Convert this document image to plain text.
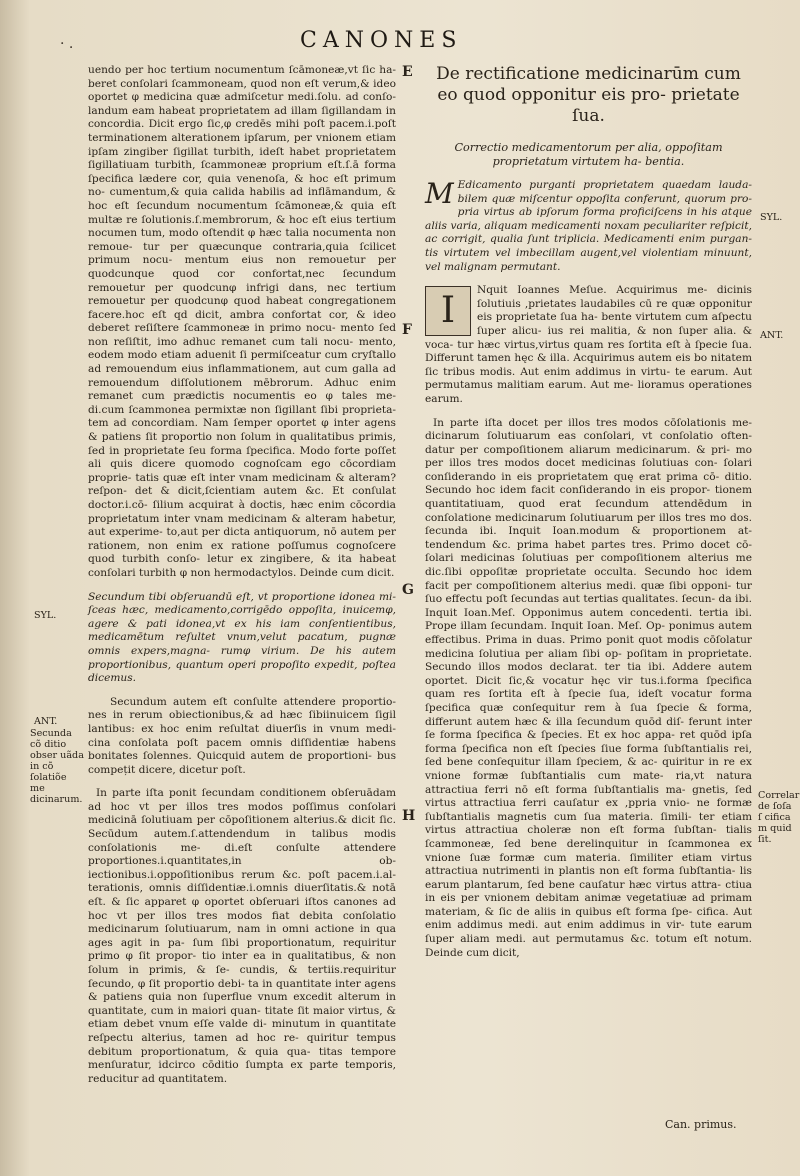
· .	CANONES

uendo per hoc tertium nocumentum ſcāmoneæ,vt ſic ha- beret conſolari ſcammoneam, quod non eſt verum,& ideo oportet φ medicina quæ admiſcetur medi.ſolu. ad conſo- landum eam habeat proprietatem ad illam ſigillandam in concordia. Dicit ergo ſic,φ credēs mihi poſt pacem.i.poſt terminationem alterationem ipſarum, per vnionem etiam ipſam zingiber ſigillat turbith, ideſt habet proprietatem ſigillatiuam turbith, ſcammoneæ proprium eſt.ſ.ā forma ſpecifica lædere cor, quia venenoſa, & hoc eſt primum no- cumentum,& quia calida habilis ad inflāmandum, & hoc eſt ſecundum nocumentum ſcāmoneæ,& quia eſt multæ re ſolutionis.ſ.membrorum, & hoc eſt eius tertium nocumen tum, modo oſtendit φ hæc talia nocumenta non remoue- tur per quæcunque contraria,quia ſcilicet primum nocu- mentum eius non remouetur per quodcunque quod cor confortat,nec ſecundum remouetur per quodcunφ infrigi dans, nec tertium remouetur per quodcunφ quod habeat congregationem facere.hoc eſt qd dicit, ambra confortat cor, & ideo deberet reſiſtere ſcammoneæ in primo nocu- mento ſed non reſiſtit, imo adhuc remanet cum tali nocu- mento, eodem modo etiam aduenit ſi permiſceatur cum cryſtallo ad remouendum eius inflammationem, aut cum galla ad remouendum diſſolutionem mēbrorum. Adhuc enim remanet cum prædictis nocumentis eo φ tales me- di.cum ſcammonea permixtæ non ſigillant ſibi proprieta- tem ad concordiam. Nam ſemper oportet φ inter agens & patiens ſit proportio non ſolum in qualitatibus primis, ſed in proprietate ſeu forma ſpecifica. Modo forte poſſet ali quis dicere quomodo cognoſcam ego cōcordiam proprie- tatis quæ eſt inter vnam medicinam & alteram? reſpon- det & dicit,ſcientiam autem &c. Et conſulat doctor.i.cō- ſilium acquirat à doctis, hæc enim cōcordia proprietatum inter vnam medicinam & alteram habetur, aut experime- to,aut per dicta antiquorum, nō autem per rationem, non enim ex ratione poſſumus cognoſcere quod turbith conſo- letur ex zingibere, & ita habeat conſolari turbith φ non hermodactylos. Deinde cum dicit.

Secundum tibi obſeruandū eſt, vt proportione idonea mi- ſceas hæc, medicamento,corrigēdo oppoſita, inuicemφ, agere & pati idonea,vt ex his iam conſentientibus, medicamētum reſultet vnum,velut pacatum, pugnæ omnis expers,magna- rumφ virium. De his autem proportionibus, quantum operi propoſito expedit, poſtea dicemus.

Secundum autem eſt conſulte attendere proportio- nes in rerum obiectionibus,& ad hæc ſibiinuicem ſigil lantibus: ex hoc enim reſultat diuerſis in vnum medi- cina conſolata poſt pacem omnis diſſidentiæ habens bonitates ſolennes. Quicquid autem de proportioni- bus compețit dicere, dicetur poſt.

In parte iſta ponit ſecundam conditionem obſeruādam ad hoc vt per illos tres modos poſſimus conſolari medicinā ſolutiuam per cōpoſitionem alterius.& dicit ſic. Secūdum autem.ſ.attendendum in talibus modis conſolationis me- di.eſt conſulte attendere proportiones.i.quantitates,in ob- iectionibus.i.oppoſitionibus rerum &c. poſt pacem.i.al- terationis, omnis diſſidentiæ.i.omnis diuerſitatis.& notā eſt. & ſic apparet φ oportet obſeruari iſtos canones ad hoc vt per illos tres modos fiat debita conſolatio medicinarum ſolutiuarum, nam in omni actione in qua ages agit in pa- ſum ſibi proportionatum, requiritur primo φ ſit propor- tio inter ea in qualitatibus, & non ſolum in primis, & ſe- cundis, & tertiis.requiritur ſecundo, φ ſit proportio debi- ta in quantitate inter agens & patiens quia non ſuperflue vnum excedit alterum in quantitate, cum in maiori quan- titate ſit maior virtus, & etiam debet vnum eſſe valde di- minutum in quantitate reſpectu alterius, tamen ad hoc re- quiritur tempus debitum proportionatum, & quia qua- titas tempore menſuratur, idcirco cōditio ſumpta ex parte temporis, reducitur ad quantitatem.

De rectificatione medicinarūm cum eo quod opponitur eis pro- prietate ſua.
Correctio medicamentorum per alia, oppoſitam proprietatum virtutem ha- bentia.

M Edicamento purganti proprietatem quaedam lauda- bilem quæ miſcentur oppoſita conferunt, quorum pro- pria virtus ab ipſorum forma proficiſcens in his atque aliis varia, aliquam medicamenti noxam peculiariter reſpicit, ac corrigit, qualia ſunt triplicia. Medicamenti enim purgan- tis virtutem vel imbecillam augent,vel violentiam minuunt, vel malignam permutant.

I
Nquit Ioannes Meſue. Acquirimus me- dicinis ſolutiuis ,prietates laudabiles cū re quæ opponitur eis proprietate ſua ha- bente virtutem cum aſpectu ſuper alicu- ius rei malitia, & non ſuper alia. & voca- tur hæc virtus,virtus quam res ſortita eſt à ſpecie ſua. Differunt tamen hęc & illa. Acquirimus autem eis bo nitatem ſic tribus modis. Aut enim addimus in virtu- te earum. Aut permutamus malitiam earum. Aut me- lioramus operationes earum.

In parte iſta docet per illos tres modos cōſolationis me- dicinarum ſolutiuarum eas conſolari, vt conſolatio often- datur per compoſitionem aliarum medicinarum. & pri- mo per illos tres modos docet medicinas ſolutiuas con- ſolari conſiderando in eis proprietatem quę erat prima cō- ditio. Secundo hoc idem facit conſiderando in eis propor- tionem quantitatiuam, quod erat ſecundum attendēdum in conſolatione medicinarum ſolutiuarum per illos tres mo dos. ſecunda ibi. Inquit Ioan.modum & proportionem at- tendendum &c. prima habet partes tres. Primo docet cō- ſolari medicinas ſolutiuas per compoſitionem alterius me dic.ſibi oppoſitæ proprietate occulta. Secundo hoc idem facit per compoſitionem alterius medi. quæ ſibi opponi- tur ſuo effectu poſt ſecundas aut tertias qualitates. ſecun- da ibi. Inquit Ioan.Meſ. Opponimus autem concedenti. tertia ibi. Prope illam ſecundam. Inquit Ioan. Meſ. Op- ponimus autem effectibus. Prima in duas. Primo ponit quot modis cōſolatur medicina ſolutiua per aliam ſibi op- poſitam in proprietate. Secundo illos modos declarat. ter tia ibi. Addere autem oportet. Dicit ſic,& vocatur hęc vir tus.i.forma ſpecifica quam res ſortita eſt à ſpecie ſua, ideſt vocatur forma ſpecifica quæ conſequitur rem à ſua ſpecie & forma, differunt autem hæc & illa ſecundum quōd diſ- ferunt inter ſe forma ſpecifica & ſpecies. Et ex hoc appa- ret quōd ipſa forma ſpecifica non eſt ſpecies ſiue forma ſubſtantialis rei, ſed bene conſequitur illam ſpeciem, & ac- quiritur in re ex vnione formæ ſubſtantialis cum mate- ria,vt natura attractiua ferri nō eſt forma ſubſtantialis ma- gnetis, ſed virtus attractiua ferri cauſatur ex ,ppria vnio- ne formæ ſubſtantialis magnetis cum ſua materia. ſimili- ter etiam virtus attractiua choleræ non eſt forma ſubſtan- tialis ſcammoneæ, ſed bene derelinquitur in ſcammonea ex vnione ſuæ formæ cum materia. ſimiliter etiam virtus attractiua nutrimenti in plantis non eſt forma ſubſtantia- lis earum plantarum, ſed bene cauſatur hæc virtus attra- ctiua in eis per vnionem debitam animæ vegetatiuæ ad primam materiam, & ſic de aliis in quibus eſt forma ſpe- cifica. Aut enim addimus medi. aut enim addimus in vir- tute earum ſuper aliam medi. aut permutamus &c. totum eſt notum. Deinde cum dicit,

E
F
G
H
SYL.
ANT.
Secunda cõ ditio obser uãda in cõ ſolatiõe me dicinarum.
SYL.
ANT.
Correlar de ſoſa ſ cifica m quid ſit.
Can. primus.
